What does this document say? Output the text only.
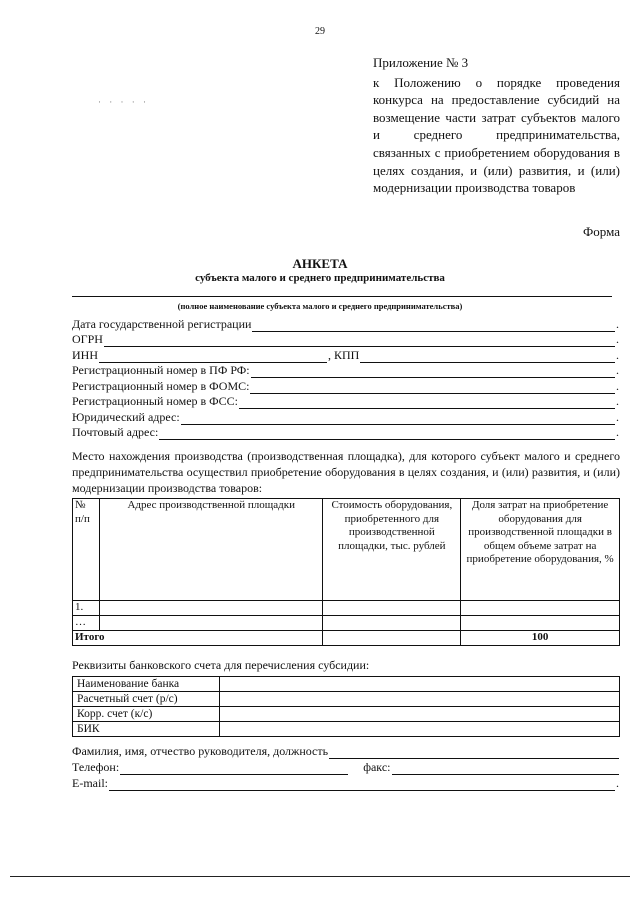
29
· · · · ·
Приложение № 3
к Положению о порядке проведения конкурса на предоставление субсидий на возмещение части затрат субъектов малого и среднего предпринимательства, связанных с приобретением оборудования в целях создания, и (или) развития, и (или) модернизации производства товаров
Форма
АНКЕТА
субъекта малого и среднего предпринимательства
(полное наименование субъекта малого и среднего предпринимательства)
Дата государственной регистрации	.
ОГРН	.
ИНН	, КПП	.
Регистрационный номер в ПФ РФ:	.
Регистрационный номер в ФОМС:	.
Регистрационный номер в ФСС:	.
Юридический адрес:	.
Почтовый адрес:	.
Место нахождения производства (производственная площадка), для которого субъект малого и среднего предпринимательства осуществил приобретение оборудования в целях создания, и (или) развития, и (или) модернизации производства товаров:
№ п/п	Адрес производственной площадки	Стоимость оборудования, приобретенного для производственной площадки, тыс. рублей	Доля затрат на приобретение оборудования для производственной площадки в общем объеме затрат на приобретение оборудования, %
1.			
…			
Итого			100
Реквизиты банковского счета для перечисления субсидии:
Наименование банка	
Расчетный счет (р/с)	
Корр. счет (к/с)	
БИК	
Фамилия, имя, отчество руководителя, должность
Телефон:	факс:
E-mail:	.
